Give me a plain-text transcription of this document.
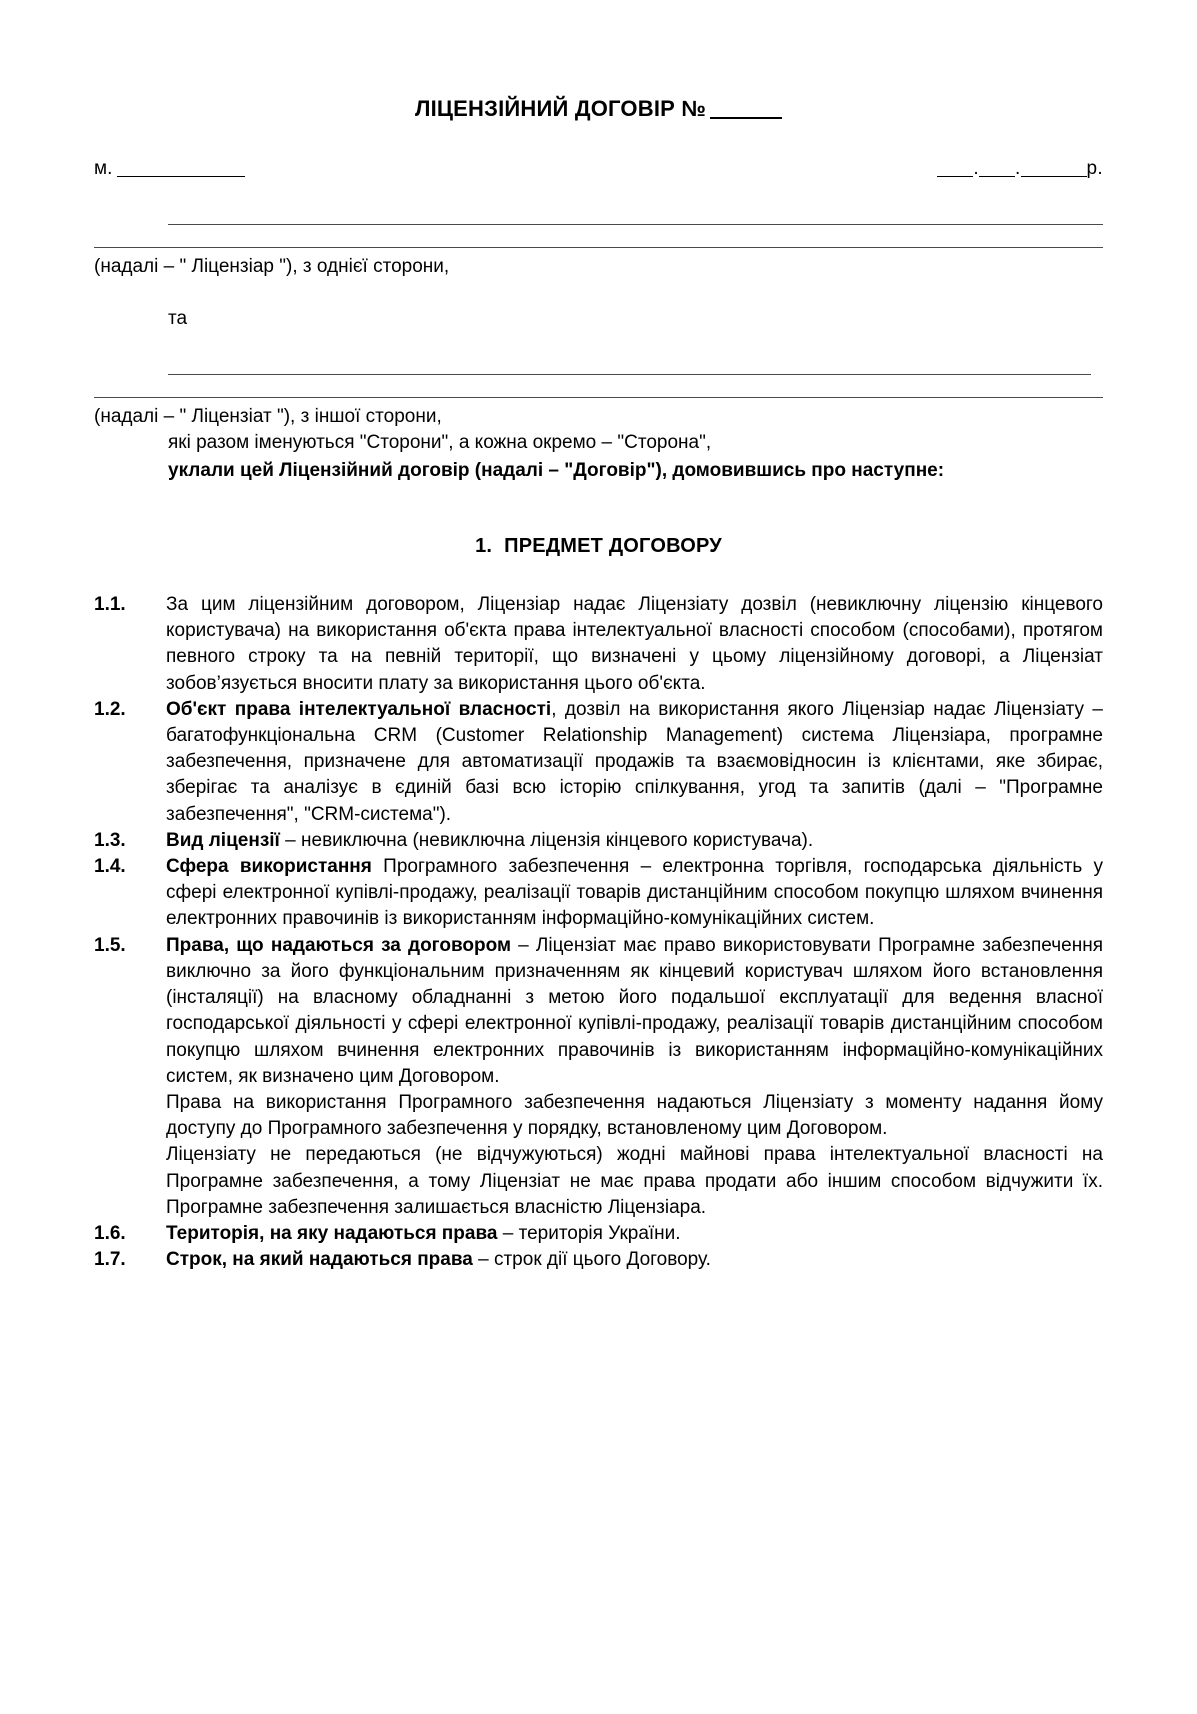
ЛІЦЕНЗІЙНИЙ ДОГОВІР №
м.	. .	р.
(надалі – " Ліцензіар "), з однієї сторони,
та
(надалі – " Ліцензіат "), з іншої сторони,
які разом іменуються "Сторони", а кожна окремо – "Сторона",
уклали цей Ліцензійний договір (надалі – "Договір"), домовившись про наступне:
1. ПРЕДМЕТ ДОГОВОРУ
1.1.	За цим ліцензійним договором, Ліцензіар надає Ліцензіату дозвіл (невиключну ліцензію кінцевого користувача) на використання об'єкта права інтелектуальної власності способом (способами), протягом певного строку та на певній території, що визначені у цьому ліцензійному договорі, а Ліцензіат зобов’язується вносити плату за використання цього об'єкта.
1.2.	Об'єкт права інтелектуальної власності, дозвіл на використання якого Ліцензіар надає Ліцензіату – багатофункціональна CRM (Customer Relationship Management) система Ліцензіара, програмне забезпечення, призначене для автоматизації продажів та взаємовідносин із клієнтами, яке збирає, зберігає та аналізує в єдиній базі всю історію спілкування, угод та запитів (далі – "Програмне забезпечення", "CRM-система").
1.3.	Вид ліцензії – невиключна (невиключна ліцензія кінцевого користувача).
1.4.	Сфера використання Програмного забезпечення – електронна торгівля, господарська діяльність у сфері електронної купівлі-продажу, реалізації товарів дистанційним способом покупцю шляхом вчинення електронних правочинів із використанням інформаційно-комунікаційних систем.
1.5.	Права, що надаються за договором – Ліцензіат має право використовувати Програмне забезпечення виключно за його функціональним призначенням як кінцевий користувач шляхом його встановлення (інсталяції) на власному обладнанні з метою його подальшої експлуатації для ведення власної господарської діяльності у сфері електронної купівлі-продажу, реалізації товарів дистанційним способом покупцю шляхом вчинення електронних правочинів із використанням інформаційно-комунікаційних систем, як визначено цим Договором.
Права на використання Програмного забезпечення надаються Ліцензіату з моменту надання йому доступу до Програмного забезпечення у порядку, встановленому цим Договором.
Ліцензіату не передаються (не відчужуються) жодні майнові права інтелектуальної власності на Програмне забезпечення, а тому Ліцензіат не має права продати або іншим способом відчужити їх. Програмне забезпечення залишається власністю Ліцензіара.
1.6.	Територія, на яку надаються права – територія України.
1.7.	Строк, на який надаються права – строк дії цього Договору.
